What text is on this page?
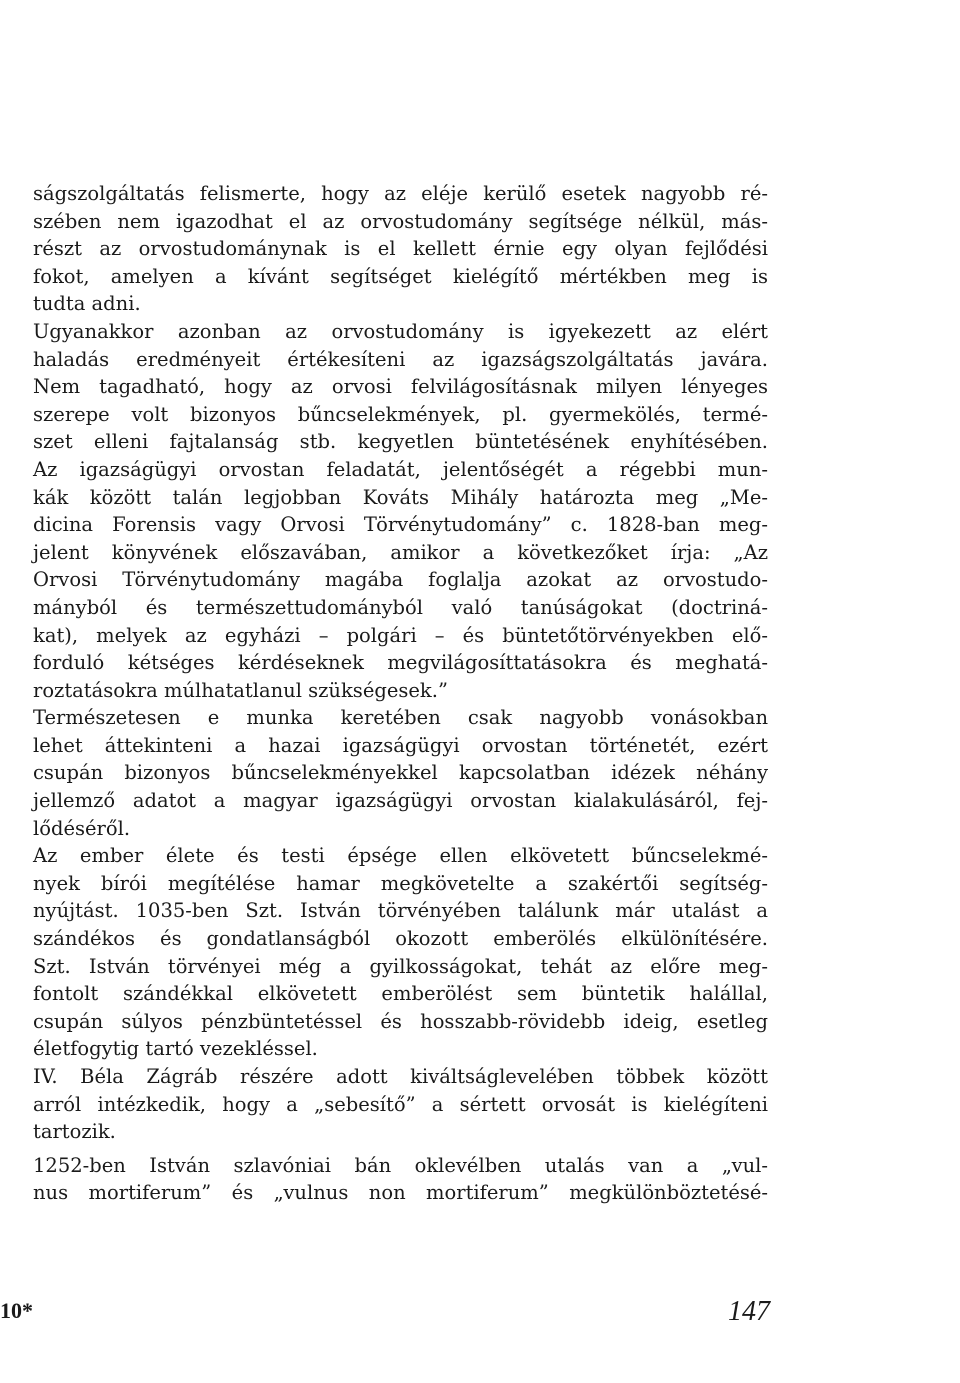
ságszolgáltatás felismerte, hogy az eléje kerülő esetek nagyobb ré-
szében nem igazodhat el az orvostudomány segítsége nélkül, más-
részt az orvostudománynak is el kellett érnie egy olyan fejlődési
fokot, amelyen a kívánt segítséget kielégítő mértékben meg is
tudta adni.
Ugyanakkor azonban az orvostudomány is igyekezett az elért
haladás eredményeit értékesíteni az igazságszolgáltatás javára.
Nem tagadható, hogy az orvosi felvilágosításnak milyen lényeges
szerepe volt bizonyos bűncselekmények, pl. gyermekölés, termé-
szet elleni fajtalanság stb. kegyetlen büntetésének enyhítésében.
Az igazságügyi orvostan feladatát, jelentőségét a régebbi mun-
kák között talán legjobban Kováts Mihály határozta meg „Me-
dicina Forensis vagy Orvosi Törvénytudomány” c. 1828-ban meg-
jelent könyvének előszavában, amikor a következőket írja: „Az
Orvosi Törvénytudomány magába foglalja azokat az orvostudo-
mányból és természettudományból való tanúságokat (doctriná-
kat), melyek az egyházi – polgári – és büntetőtörvényekben elő-
forduló kétséges kérdéseknek megvilágosíttatásokra és meghatá-
roztatásokra múlhatatlanul szükségesek.”
Természetesen e munka keretében csak nagyobb vonásokban
lehet áttekinteni a hazai igazságügyi orvostan történetét, ezért
csupán bizonyos bűncselekményekkel kapcsolatban idézek néhány
jellemző adatot a magyar igazságügyi orvostan kialakulásáról, fej-
lődéséről.
Az ember élete és testi épsége ellen elkövetett bűncselekmé-
nyek bírói megítélése hamar megkövetelte a szakértői segítség-
nyújtást. 1035-ben Szt. István törvényében találunk már utalást a
szándékos és gondatlanságból okozott emberölés elkülönítésére.
Szt. István törvényei még a gyilkosságokat, tehát az előre meg-
fontolt szándékkal elkövetett emberölést sem büntetik halállal,
csupán súlyos pénzbüntetéssel és hosszabb-rövidebb ideig, esetleg
életfogytig tartó vezekléssel.
IV. Béla Zágráb részére adott kiváltságlevelében többek között
arról intézkedik, hogy a „sebesítő” a sértett orvosát is kielégíteni
tartozik.
1252-ben István szlavóniai bán oklevélben utalás van a „vul-
nus mortiferum” és „vulnus non mortiferum” megkülönböztetésé-
10*	147
